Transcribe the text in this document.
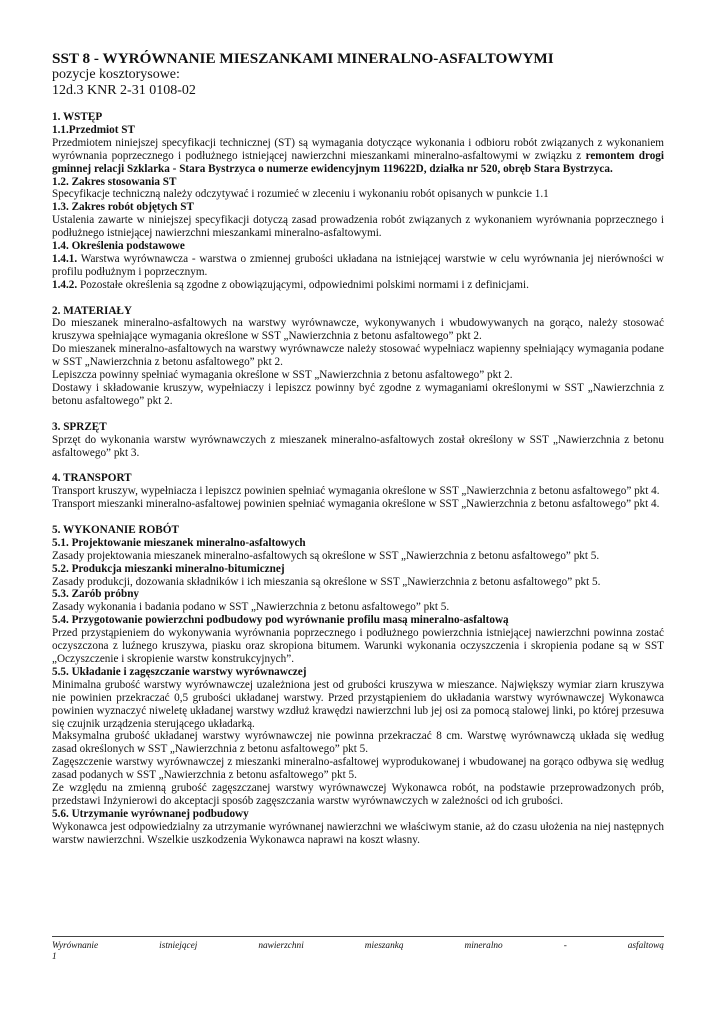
SST 8 - WYRÓWNANIE MIESZANKAMI MINERALNO-ASFALTOWYMI
pozycje kosztorysowe:
12d.3 KNR 2-31 0108-02
1. WSTĘP
1.1.Przedmiot ST
Przedmiotem niniejszej specyfikacji technicznej (ST) są wymagania dotyczące wykonania i odbioru robót związanych z wykonaniem wyrównania poprzecznego i podłużnego istniejącej nawierzchni mieszankami mineralno-asfaltowymi w związku z remontem drogi gminnej relacji Szklarka - Stara Bystrzyca o numerze ewidencyjnym 119622D, działka nr 520, obręb Stara Bystrzyca.
1.2. Zakres stosowania ST
Specyfikacje techniczną należy odczytywać i rozumieć w zleceniu i wykonaniu robót opisanych w punkcie 1.1
1.3. Zakres robót objętych ST
Ustalenia zawarte w niniejszej specyfikacji dotyczą zasad prowadzenia robót związanych z wykonaniem wyrównania poprzecznego i podłużnego istniejącej nawierzchni mieszankami mineralno-asfaltowymi.
1.4. Określenia podstawowe
1.4.1. Warstwa wyrównawcza - warstwa o zmiennej grubości układana na istniejącej warstwie w celu wyrównania jej nierówności w profilu podłużnym i poprzecznym.
1.4.2. Pozostałe określenia są zgodne z obowiązującymi, odpowiednimi polskimi normami i z definicjami.
2. MATERIAŁY
Do mieszanek mineralno-asfaltowych na warstwy wyrównawcze, wykonywanych i wbudowywanych na gorąco, należy stosować kruszywa spełniające wymagania określone w SST „Nawierzchnia z betonu asfaltowego” pkt 2.
Do mieszanek mineralno-asfaltowych na warstwy wyrównawcze należy stosować wypełniacz wapienny spełniający wymagania podane w SST „Nawierzchnia z betonu asfaltowego” pkt 2.
Lepiszcza powinny spełniać wymagania określone w SST „Nawierzchnia z betonu asfaltowego” pkt 2.
Dostawy i składowanie kruszyw, wypełniaczy i lepiszcz powinny być zgodne z wymaganiami określonymi w SST „Nawierzchnia z betonu asfaltowego” pkt 2.
3. SPRZĘT
Sprzęt do wykonania warstw wyrównawczych z mieszanek mineralno-asfaltowych został określony w SST „Nawierzchnia z betonu asfaltowego” pkt 3.
4. TRANSPORT
Transport kruszyw, wypełniacza i lepiszcz powinien spełniać wymagania określone w SST „Nawierzchnia z betonu asfaltowego” pkt 4.
Transport mieszanki mineralno-asfaltowej powinien spełniać wymagania określone w SST „Nawierzchnia z betonu asfaltowego” pkt 4.
5. WYKONANIE ROBÓT
5.1. Projektowanie mieszanek mineralno-asfaltowych
Zasady projektowania mieszanek mineralno-asfaltowych są określone w SST „Nawierzchnia z betonu asfaltowego” pkt 5.
5.2. Produkcja mieszanki mineralno-bitumicznej
Zasady produkcji, dozowania składników i ich mieszania są określone w SST „Nawierzchnia z betonu asfaltowego” pkt 5.
5.3. Zarób próbny
Zasady wykonania i badania podano w SST „Nawierzchnia z betonu asfaltowego” pkt 5.
5.4. Przygotowanie powierzchni podbudowy pod wyrównanie profilu masą mineralno-asfaltową
Przed przystąpieniem do wykonywania wyrównania poprzecznego i podłużnego powierzchnia istniejącej nawierzchni powinna zostać oczyszczona z luźnego kruszywa, piasku oraz skropiona bitumem. Warunki wykonania oczyszczenia i skropienia podane są w SST „Oczyszczenie i skropienie warstw konstrukcyjnych”.
5.5. Układanie i zagęszczanie warstwy wyrównawczej
Minimalna grubość warstwy wyrównawczej uzależniona jest od grubości kruszywa w mieszance. Największy wymiar ziarn kruszywa nie powinien przekraczać 0,5 grubości układanej warstwy. Przed przystąpieniem do układania warstwy wyrównawczej Wykonawca powinien wyznaczyć niweletę układanej warstwy wzdłuż krawędzi nawierzchni lub jej osi za pomocą stalowej linki, po której przesuwa się czujnik urządzenia sterującego układarką.
Maksymalna grubość układanej warstwy wyrównawczej nie powinna przekraczać 8 cm. Warstwę wyrównawczą układa się według zasad określonych w SST „Nawierzchnia z betonu asfaltowego” pkt 5.
Zagęszczenie warstwy wyrównawczej z mieszanki mineralno-asfaltowej wyprodukowanej i wbudowanej na gorąco odbywa się według zasad podanych w SST „Nawierzchnia z betonu asfaltowego” pkt 5.
Ze względu na zmienną grubość zagęszczanej warstwy wyrównawczej Wykonawca robót, na podstawie przeprowadzonych prób, przedstawi Inżynierowi do akceptacji sposób zagęszczania warstw wyrównawczych w zależności od ich grubości.
5.6. Utrzymanie wyrównanej podbudowy
Wykonawca jest odpowiedzialny za utrzymanie wyrównanej nawierzchni we właściwym stanie, aż do czasu ułożenia na niej następnych warstw nawierzchni. Wszelkie uszkodzenia Wykonawca naprawi na koszt własny.
Wyrównanie	istniejącej	nawierzchni	mieszanką	mineralno	-	asfaltową
1
